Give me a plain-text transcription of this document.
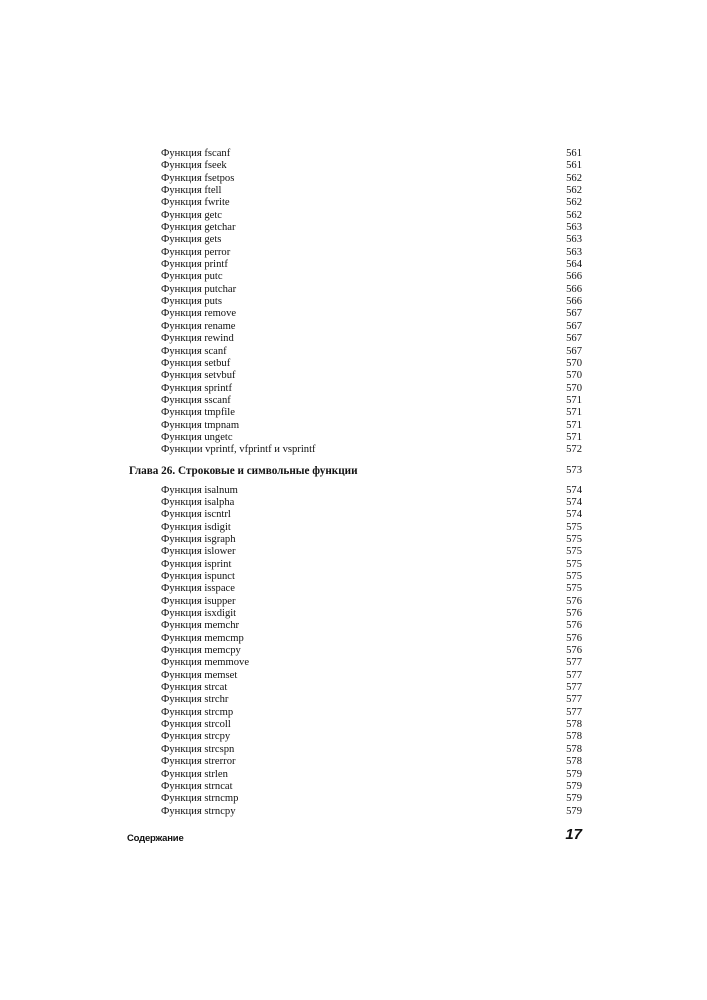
Функция fscanf	561
Функция fseek	561
Функция fsetpos	562
Функция ftell	562
Функция fwrite	562
Функция getc	562
Функция getchar	563
Функция gets	563
Функция perror	563
Функция printf	564
Функция putc	566
Функция putchar	566
Функция puts	566
Функция remove	567
Функция rename	567
Функция rewind	567
Функция scanf	567
Функция setbuf	570
Функция setvbuf	570
Функция sprintf	570
Функция sscanf	571
Функция tmpfile	571
Функция tmpnam	571
Функция ungetc	571
Функции vprintf, vfprintf и vsprintf	572
Глава 26. Строковые и символьные функции	573
Функция isalnum	574
Функция isalpha	574
Функция iscntrl	574
Функция isdigit	575
Функция isgraph	575
Функция islower	575
Функция isprint	575
Функция ispunct	575
Функция isspace	575
Функция isupper	576
Функция isxdigit	576
Функция memchr	576
Функция memcmp	576
Функция memcpy	576
Функция memmove	577
Функция memset	577
Функция strcat	577
Функция strchr	577
Функция strcmp	577
Функция strcoll	578
Функция strcpy	578
Функция strcspn	578
Функция strerror	578
Функция strlen	579
Функция strncat	579
Функция strncmp	579
Функция strncpy	579
Содержание	17
